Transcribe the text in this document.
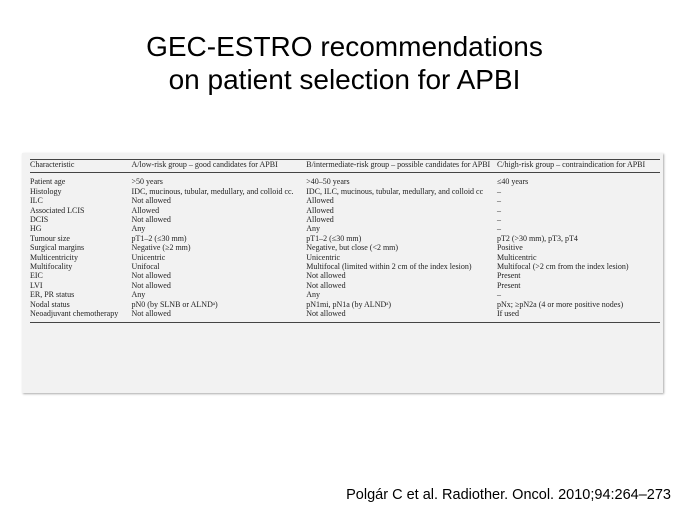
GEC-ESTRO recommendations
on patient selection for APBI
Characteristic	A/low-risk group – good candidates for APBI	B/intermediate-risk group – possible candidates for APBI	C/high-risk group – contraindication for APBI
Patient age	>50 years	>40–50 years	≤40 years
Histology	IDC, mucinous, tubular, medullary, and colloid cc.	IDC, ILC, mucinous, tubular, medullary, and colloid cc	–
ILC	Not allowed	Allowed	–
Associated LCIS	Allowed	Allowed	–
DCIS	Not allowed	Allowed	–
HG	Any	Any	–
Tumour size	pT1–2 (≤30 mm)	pT1–2 (≤30 mm)	pT2 (>30 mm), pT3, pT4
Surgical margins	Negative (≥2 mm)	Negative, but close (<2 mm)	Positive
Multicentricity	Unicentric	Unicentric	Multicentric
Multifocality	Unifocal	Multifocal (limited within 2 cm of the index lesion)	Multifocal (>2 cm from the index lesion)
EIC	Not allowed	Not allowed	Present
LVI	Not allowed	Not allowed	Present
ER, PR status	Any	Any	–
Nodal status	pN0 (by SLNB or ALNDᵃ)	pN1mi, pN1a (by ALNDᵃ)	pNx; ≥pN2a (4 or more positive nodes)
Neoadjuvant chemotherapy	Not allowed	Not allowed	If used
Polgár C et al. Radiother. Oncol. 2010;94:264–273
